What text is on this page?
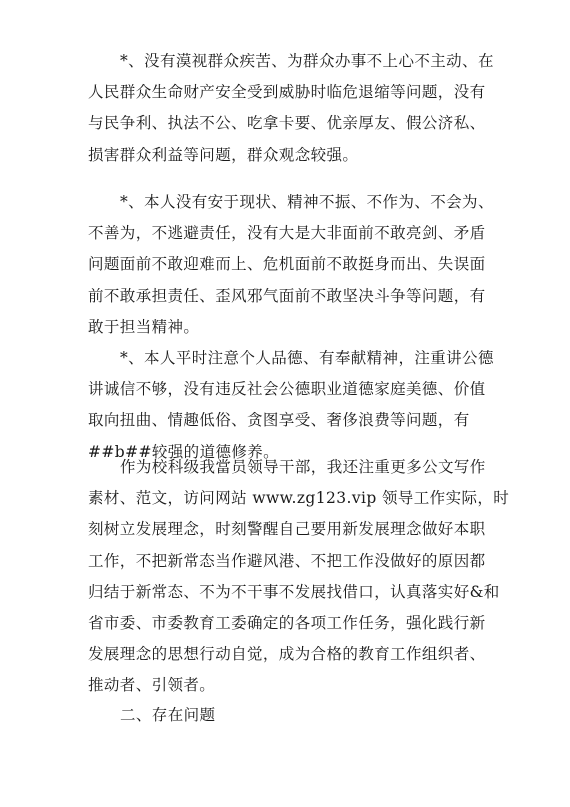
*、没有漠视群众疾苦、为群众办事不上心不主动、在
人民群众生命财产安全受到威胁时临危退缩等问题，没有
与民争利、执法不公、吃拿卡要、优亲厚友、假公济私、
损害群众利益等问题，群众观念较强。
*、本人没有安于现状、精神不振、不作为、不会为、
不善为，不逃避责任，没有大是大非面前不敢亮剑、矛盾
问题面前不敢迎难而上、危机面前不敢挺身而出、失误面
前不敢承担责任、歪风邪气面前不敢坚决斗争等问题，有
敢于担当精神。
*、本人平时注意个人品德、有奉献精神，注重讲公德
讲诚信不够，没有违反社会公德职业道德家庭美德、价值
取向扭曲、情趣低俗、贪图享受、奢侈浪费等问题，有
##b##较强的道德修养。
作为校科级我當员领导干部，我还注重更多公文写作
素材、范文，访问网站 www.zg123.vip 领导工作实际，时
刻树立发展理念，时刻警醒自己要用新发展理念做好本职
工作，不把新常态当作避风港、不把工作没做好的原因都
归结于新常态、不为不干事不发展找借口，认真落实好&和
省市委、市委教育工委确定的各项工作任务，强化践行新
发展理念的思想行动自觉，成为合格的教育工作组织者、
推动者、引领者。
二、存在问题
